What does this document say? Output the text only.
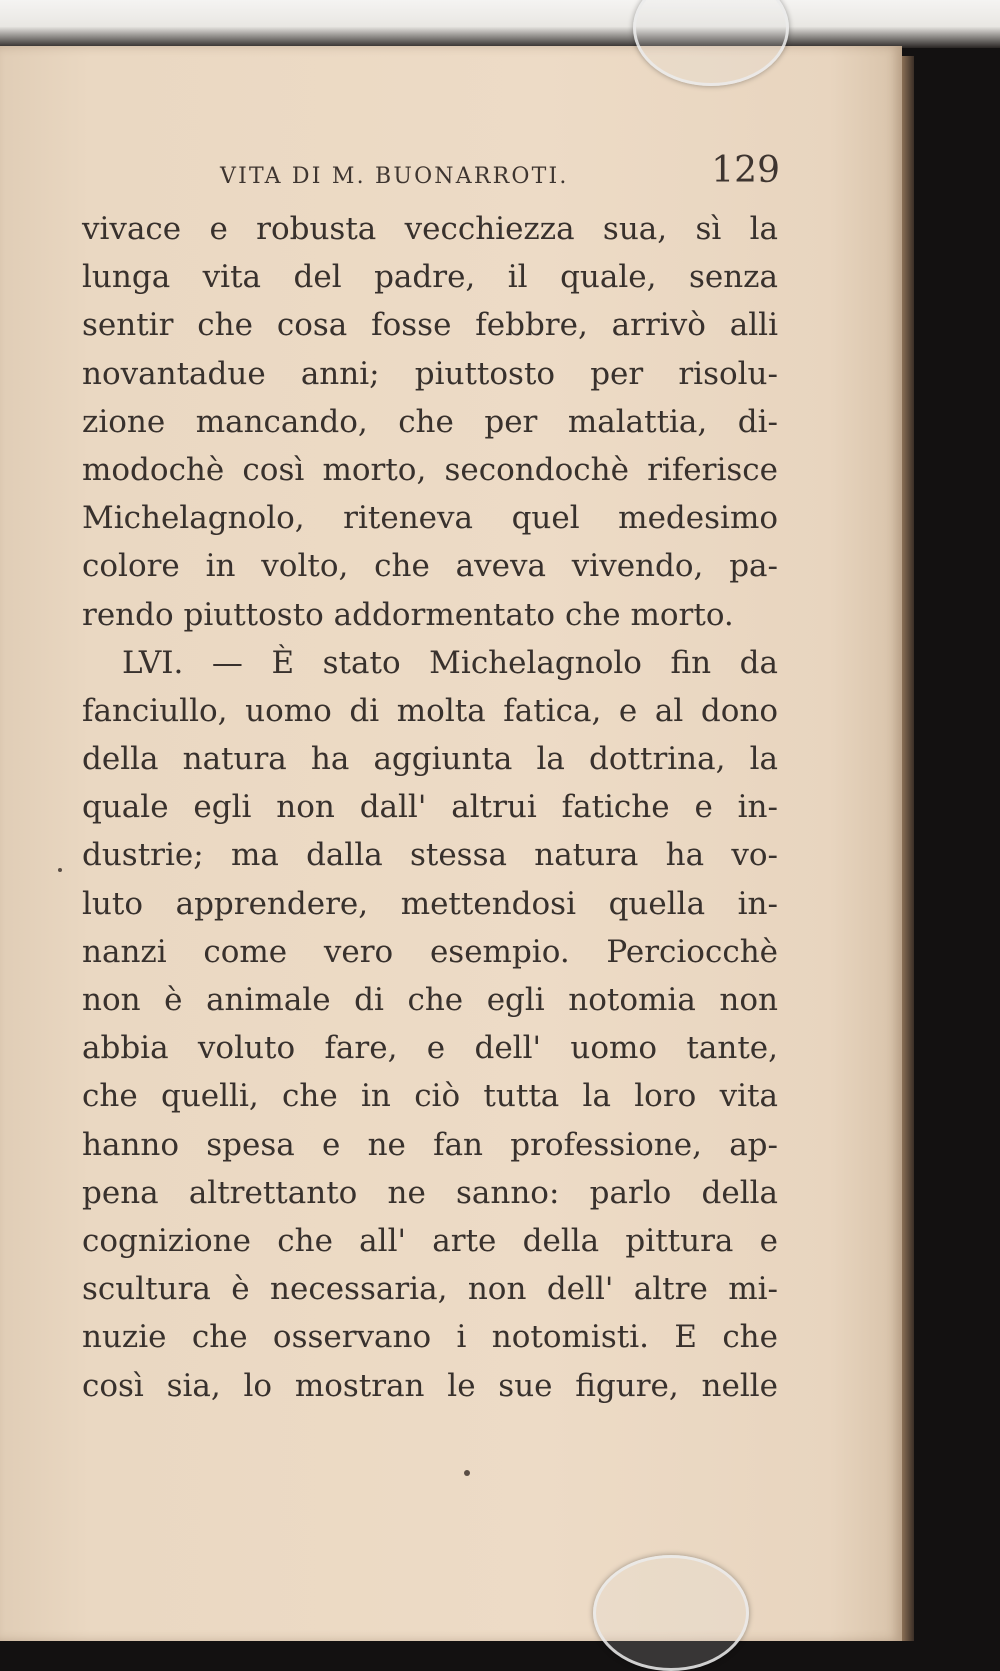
VITA DI M. BUONARROTI.	129
vivace e robusta vecchiezza sua, sì la
lunga vita del padre, il quale, senza
sentir che cosa fosse febbre, arrivò alli
novantadue anni; piuttosto per risolu-
zione mancando, che per malattia, di-
modochè così morto, secondochè riferisce
Michelagnolo, riteneva quel medesimo
colore in volto, che aveva vivendo, pa-
rendo piuttosto addormentato che morto.
LVI. — È stato Michelagnolo fin da
fanciullo, uomo di molta fatica, e al dono
della natura ha aggiunta la dottrina, la
quale egli non dall' altrui fatiche e in-
dustrie; ma dalla stessa natura ha vo-
luto apprendere, mettendosi quella in-
nanzi come vero esempio. Perciocchè
non è animale di che egli notomia non
abbia voluto fare, e dell' uomo tante,
che quelli, che in ciò tutta la loro vita
hanno spesa e ne fan professione, ap-
pena altrettanto ne sanno: parlo della
cognizione che all' arte della pittura e
scultura è necessaria, non dell' altre mi-
nuzie che osservano i notomisti. E che
così sia, lo mostran le sue figure, nelle
